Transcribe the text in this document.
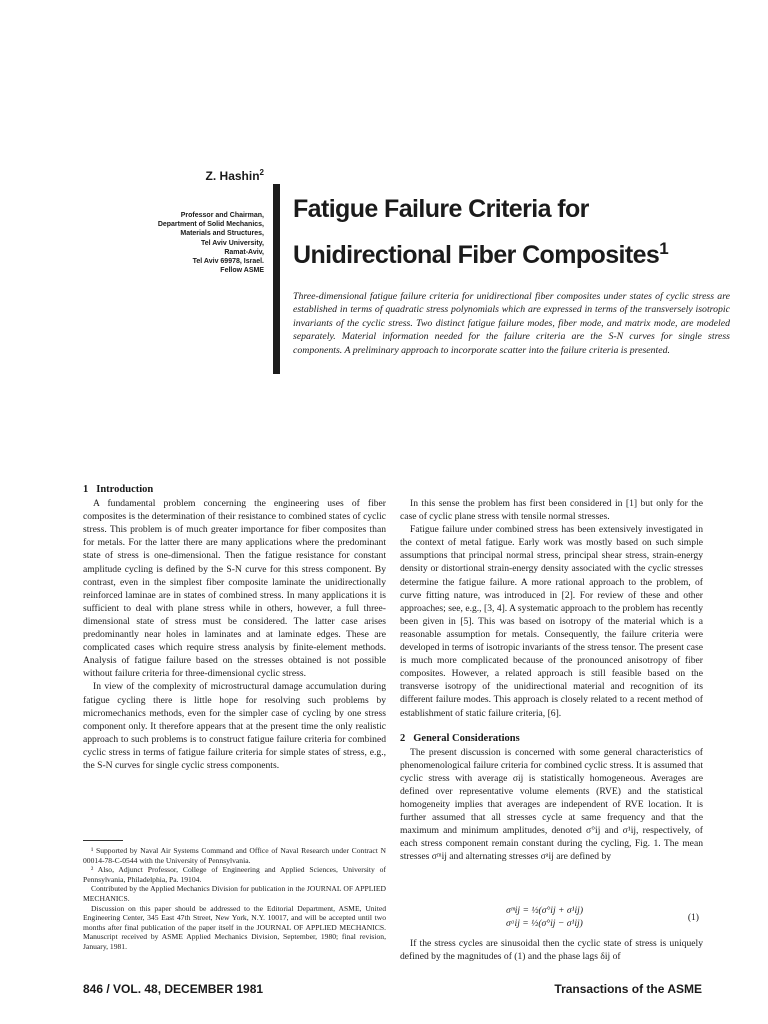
Z. Hashin$^2$
Professor and Chairman,
Department of Solid Mechanics,
Materials and Structures,
Tel Aviv University,
Ramat-Aviv,
Tel Aviv 69978, Israel.
Fellow ASME
Fatigue Failure Criteria for
Unidirectional Fiber Composites$^1$
Three-dimensional fatigue failure criteria for unidirectional fiber composites under states of cyclic stress are established in terms of quadratic stress polynomials which are expressed in terms of the transversely isotropic invariants of the cyclic stress. Two distinct fatigue failure modes, fiber mode, and matrix mode, are modeled separately. Material information needed for the failure criteria are the S-N curves for single stress components. A preliminary approach to incorporate scatter into the failure criteria is presented.
1 Introduction

A fundamental problem concerning the engineering uses of fiber composites is the determination of their resistance to combined states of cyclic stress. This problem is of much greater importance for fiber composites than for metals. For the latter there are many applications where the predominant state of stress is one-dimensional. Then the fatigue resistance for constant amplitude cycling is defined by the S-N curve for this stress component. By contrast, even in the simplest fiber composite laminate the unidirectionally reinforced laminae are in states of combined stress. In many applications it is sufficient to deal with plane stress while in others, however, a full three-dimensional state of stress must be considered. The latter case arises predominantly near holes in laminates and at laminate edges. These are complicated cases which require stress analysis by finite-element methods. Analysis of fatigue failure based on the stresses obtained is not possible without failure criteria for three-dimensional cyclic stress.

In view of the complexity of microstructural damage accumulation during fatigue cycling there is little hope for resolving such problems by micromechanics methods, even for the simpler case of cycling by one stress component only. It therefore appears that at the present time the only realistic approach to such problems is to construct fatigue failure criteria for combined cyclic stress in terms of fatigue failure criteria for simple states of stress, e.g., the S-N curves for single cyclic stress components.

In this sense the problem has first been considered in [1] but only for the case of cyclic plane stress with tensile normal stresses.

Fatigue failure under combined stress has been extensively investigated in the context of metal fatigue. Early work was mostly based on such simple assumptions that principal normal stress, principal shear stress, strain-energy density or distortional strain-energy density associated with the cyclic stresses determine the fatigue failure. A more rational approach to the problem, of curve fitting nature, was introduced in [2]. For review of these and other approaches; see, e.g., [3, 4]. A systematic approach to the problem has recently been given in [5]. This was based on isotropy of the material which is a reasonable assumption for metals. Consequently, the failure criteria were developed in terms of isotropic invariants of the stress tensor. The present case is much more complicated because of the pronounced anisotropy of fiber composites. However, a related approach is still feasible based on the transverse isotropy of the unidirectional material and recognition of its different failure modes. This approach is closely related to a recent method of establishment of static failure criteria, [6].

2 General Considerations

The present discussion is concerned with some general characteristics of phenomenological failure criteria for combined cyclic stress. It is assumed that cyclic stress with average σij is statistically homogeneous. Averages are defined over representative volume elements (RVE) and the statistical homogeneity implies that averages are independent of RVE location. It is further assumed that all stresses cycle at same frequency and that the maximum and minimum amplitudes, denoted σ°ij and σ¹ij, respectively, of each stress component remain constant during the cycling, Fig. 1. The mean stresses σᵐij and alternating stresses σᵃij are defined by

σᵐij = ½(σ°ij + σ¹ij)
σᵃij = ½(σ°ij − σ¹ij)
(1)

If the stress cycles are sinusoidal then the cyclic state of stress is uniquely defined by the magnitudes of (1) and the phase lags δij of

¹ Supported by Naval Air Systems Command and Office of Naval Research under Contract N 00014-78-C-0544 with the University of Pennsylvania.

² Also, Adjunct Professor, College of Engineering and Applied Sciences, University of Pennsylvania, Philadelphia, Pa. 19104.

Contributed by the Applied Mechanics Division for publication in the JOURNAL OF APPLIED MECHANICS.

Discussion on this paper should be addressed to the Editorial Department, ASME, United Engineering Center, 345 East 47th Street, New York, N.Y. 10017, and will be accepted until two months after final publication of the paper itself in the JOURNAL OF APPLIED MECHANICS. Manuscript received by ASME Applied Mechanics Division, September, 1980; final revision, January, 1981.

846 / VOL. 48, DECEMBER 1981	Transactions of the ASME
